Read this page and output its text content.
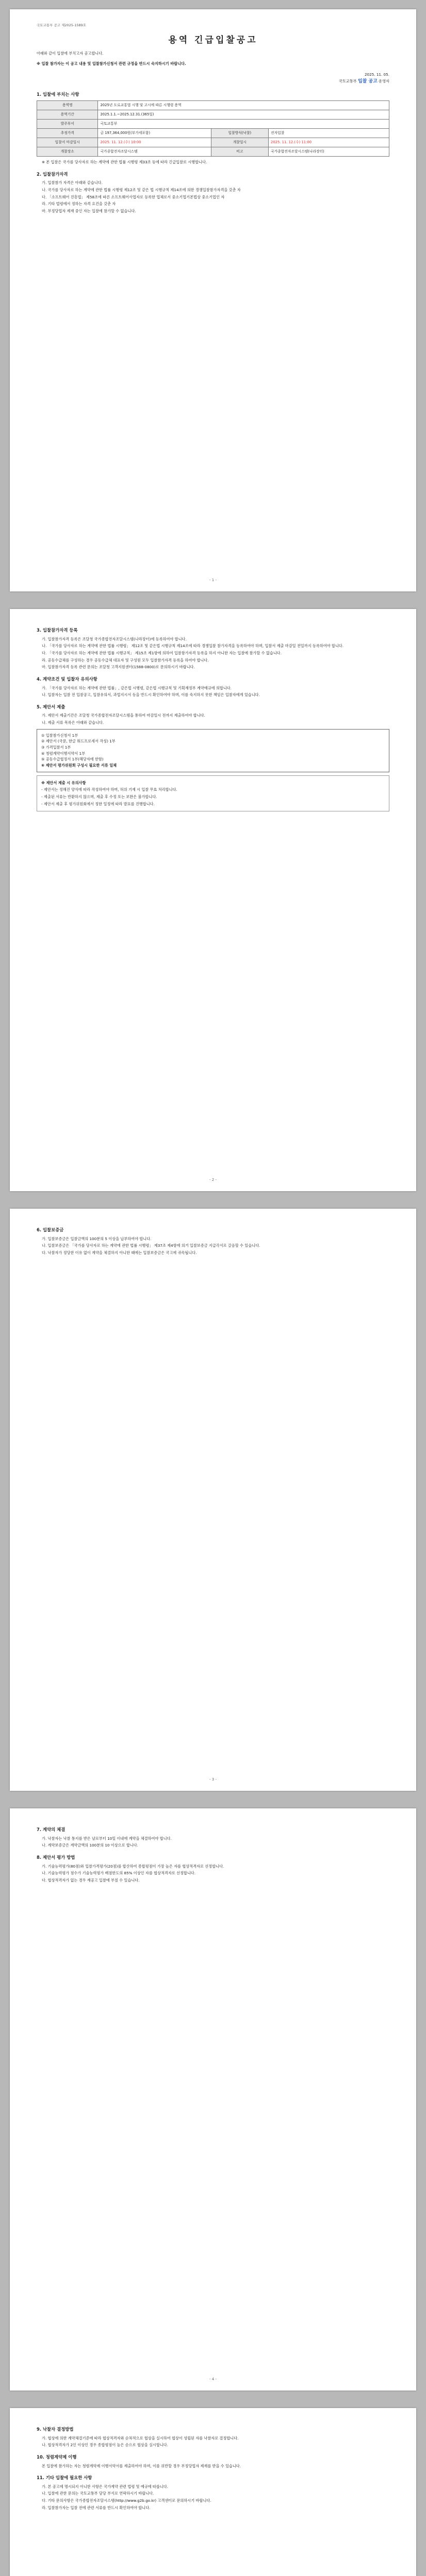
국토교통부 공고 제2025-1589호
용역 긴급입찰공고
아래와 같이 입찰에 부치고자 공고합니다.
※ 입찰 참가자는 이 공고 내용 및 입찰참가신청서 관련 규정을 반드시 숙지하시기 바랍니다.
2025. 11. 05.
국토교통부 입찰 공고 운영자
1. 입찰에 부치는 사항
용역명	2025년 도로교통법 시행 및 고시에 따른 시행령 용역		
용역기간	2025.1.1.~2025.12.31.(365일)		
발주부서	국토교통부		
추정가격	금 197,364,000원(부가세포함)	입찰방식(낙찰)	전자입찰
입찰서 마감일시	2025. 11. 12.(수) 10:00	개찰일시	2025. 11. 12.(수) 11:00
개찰장소	국가종합전자조달시스템	비고	국가종합전자조달시스템(나라장터)

※ 본 입찰은 국가를 당사자로 하는 계약에 관한 법률 시행령 제33조 등에 따라 긴급입찰로 시행합니다.

2. 입찰참가자격

가. 입찰참가 자격은 아래와 같습니다.

나. 국가를 당사자로 하는 계약에 관한 법률 시행령 제12조 및 같은 법 시행규칙 제14조에 의한 경쟁입찰참가자격을 갖춘 자

다. 「소프트웨어 진흥법」 제58조에 따른 소프트웨어사업자로 등록한 업체로서 중소기업기본법상 중소기업인 자

라. 기타 법령에서 정하는 자격 요건을 갖춘 자

마. 부정당업자 제재 중인 자는 입찰에 참가할 수 없습니다.

- 1 -
3. 입찰참가자격 등록

가. 입찰참가자격 등록은 조달청 국가종합전자조달시스템(나라장터)에 등록하여야 합니다.

나. 「국가를 당사자로 하는 계약에 관한 법률 시행령」 제12조 및 같은법 시행규칙 제14조에 따라 경쟁입찰 참가자격을 등록하여야 하며, 입찰서 제출 마감일 전일까지 등록하여야 합니다.

다. 「국가를 당사자로 하는 계약에 관한 법률 시행규칙」 제15조 제1항에 의하여 입찰참가자격 등록을 하지 아니한 자는 입찰에 참가할 수 없습니다.

라. 공동수급체를 구성하는 경우 공동수급체 대표자 및 구성원 모두 입찰참가자격 등록을 하여야 합니다.

마. 입찰참가자격 등록 관련 문의는 조달청 고객지원센터(1588-0800)로 문의하시기 바랍니다.

4. 계약조건 및 입찰자 유의사항

가. 「국가를 당사자로 하는 계약에 관한 법률」, 같은법 시행령, 같은법 시행규칙 및 기획재정부 계약예규에 의합니다.

나. 입찰자는 입찰 전 입찰공고, 입찰유의서, 과업지시서 등을 반드시 확인하여야 하며, 이를 숙지하지 못한 책임은 입찰자에게 있습니다.

5. 제안서 제출

가. 제안서 제출기간은 조달청 국가종합전자조달시스템을 통하여 마감일시 전까지 제출하여야 합니다.

나. 제출 서류 목록은 아래와 같습니다.

① 입찰참가신청서 1부
② 제안서 (국문, 한글 워드프로세서 작성) 1부
③ 가격입찰서 1부
④ 청렴계약이행서약서 1부
⑤ 공동수급협정서 1부(해당자에 한함)
⑥ 제안서 평가위원회 구성시 필요한 서류 일체
※ 제안서 제출 시 유의사항
- 제안서는 정해진 양식에 따라 작성하여야 하며, 허위 기재 시 입찰 무효 처리합니다.
- 제출된 서류는 반환하지 않으며, 제출 후 수정 또는 보완은 불가합니다.
- 제안서 제출 후 평가위원회에서 정한 일정에 따라 발표를 진행합니다.
- 2 -
6. 입찰보증금

가. 입찰보증금은 입찰금액의 100분의 5 이상을 납부하여야 합니다.

나. 입찰보증금은 「국가를 당사자로 하는 계약에 관한 법률 시행령」 제37조 제4항에 의거 입찰보증금 지급각서로 갈음할 수 있습니다.

다. 낙찰자가 정당한 이유 없이 계약을 체결하지 아니한 때에는 입찰보증금은 국고에 귀속됩니다.

- 3 -
7. 계약의 체결

가. 낙찰자는 낙찰 통지를 받은 날로부터 10일 이내에 계약을 체결하여야 합니다.

나. 계약보증금은 계약금액의 100분의 10 이상으로 합니다.

8. 제안서 평가 방법

가. 기술능력평가(80점)와 입찰가격평가(20점)를 합산하여 종합평점이 가장 높은 자를 협상적격자로 선정합니다.

나. 기술능력평가 점수가 기술능력평가 배점한도의 85% 이상인 자를 협상적격자로 선정합니다.

다. 협상적격자가 없는 경우 재공고 입찰에 부칠 수 있습니다.

- 4 -
9. 낙찰자 결정방법

가. 협상에 의한 계약체결기준에 따라 협상적격자와 순차적으로 협상을 실시하여 협상이 성립된 자를 낙찰자로 결정합니다.

나. 협상적격자가 2인 이상인 경우 종합평점이 높은 순으로 협상을 실시합니다.

10. 청렴계약제 이행

본 입찰에 참가하는 자는 청렴계약제 이행서약서를 제출하여야 하며, 이를 위반할 경우 부정당업자 제재를 받을 수 있습니다.

11. 기타 입찰에 필요한 사항

가. 본 공고에 명시되지 아니한 사항은 국가계약 관련 법령 및 예규에 따릅니다.

나. 입찰에 관한 문의는 국토교통부 담당 부서로 연락하시기 바랍니다.

다. 기타 문의사항은 국가종합전자조달시스템(http://www.g2b.go.kr) 고객센터로 문의하시기 바랍니다.

라. 입찰참가자는 입찰 전에 관련 서류를 반드시 확인하여야 합니다.
